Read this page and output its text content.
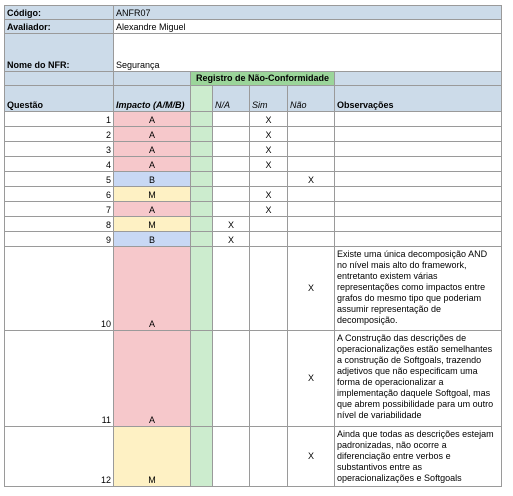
Código:	ANFR07					
Avaliador:	Alexandre Miguel					
Nome do NFR:	Segurança					
		Registro de Não-Conformidade				
Questão	Impacto (A/M/B)		N/A	Sim	Não	Observações
1	A			X		
2	A			X		
3	A			X		
4	A			X		
5	B				X	
6	M			X		
7	A			X		
8	M		X			
9	B		X			
10	A				X	Existe uma única decomposição AND no nível mais alto do framework, entretanto existem várias representações como impactos entre grafos do mesmo tipo que poderiam assumir representação de decomposição.
11	A				X	A Construção das descrições de operacionalizações estão semelhantes a construção de Softgoals, trazendo adjetivos que não especificam uma forma de operacionalizar a implementação daquele Softgoal, mas que abrem possibilidade para um outro nível de variabilidade
12	M				X	Ainda que todas as descrições estejam padronizadas, não ocorre a diferenciação entre verbos e substantivos entre as operacionalizações e Softgoals
